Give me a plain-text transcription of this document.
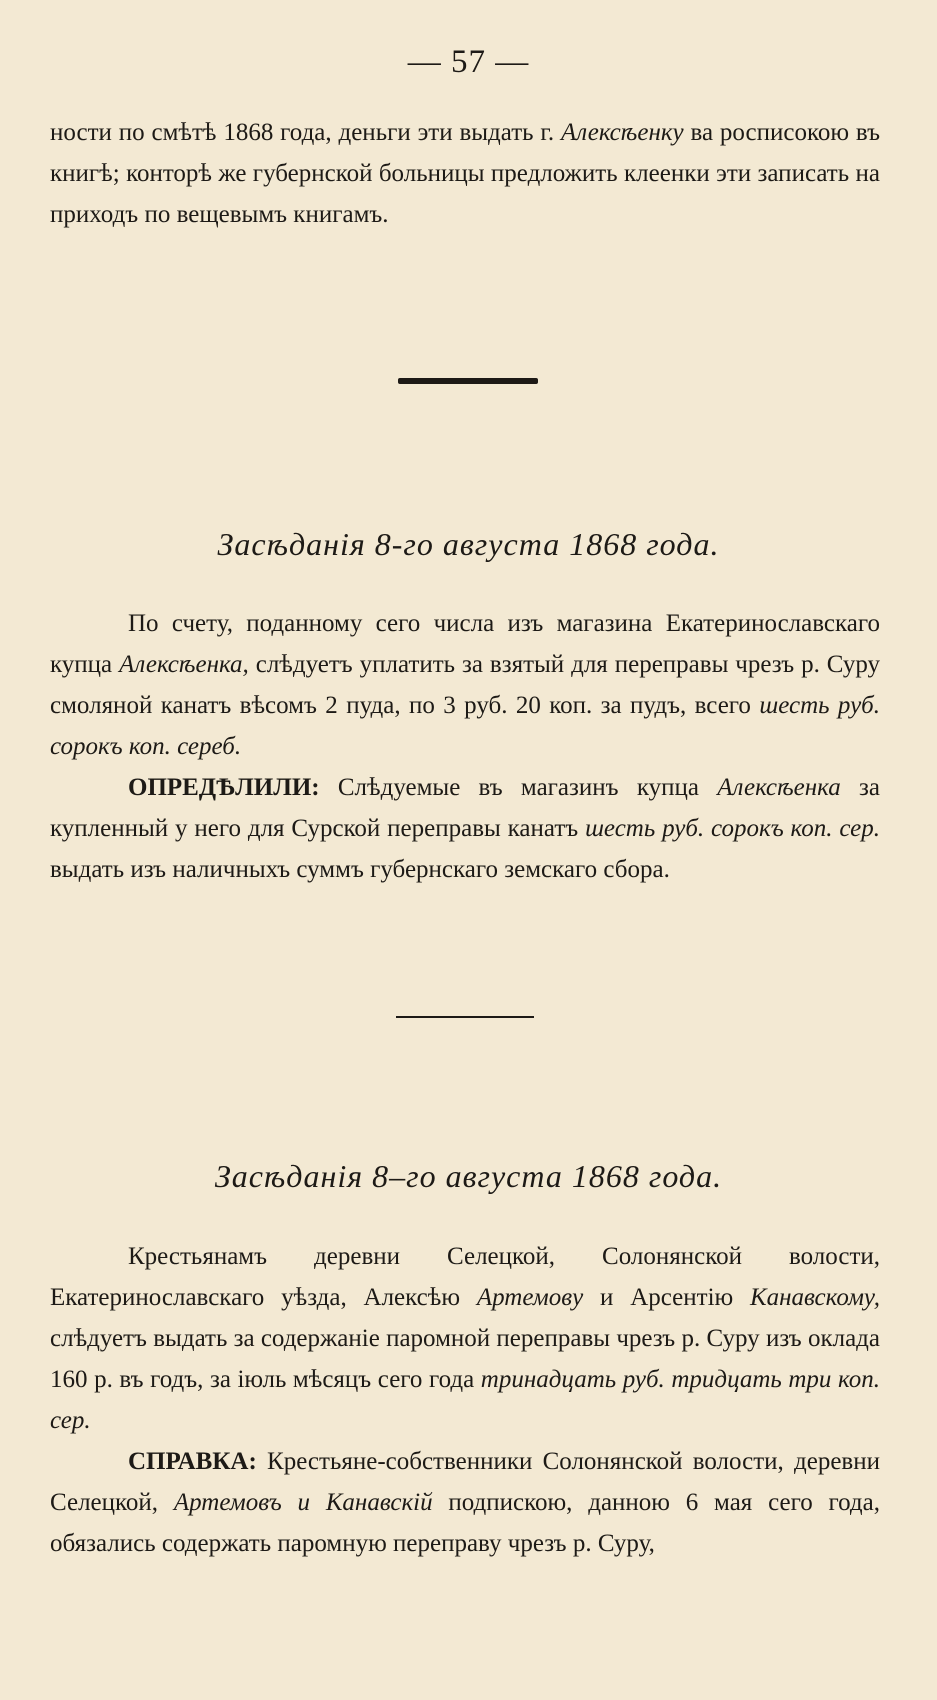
— 57 —

ности по смѣтѣ 1868 года, деньги эти выдать г. Алексѣенку ва росписокою въ книгѣ; конторѣ же губернской больницы предложить клеенки эти записать на приходъ по вещевымъ книгамъ.

Засѣданія 8-го августа 1868 года.

По счету, поданному сего числа изъ магазина Екатеринославскаго купца Алексѣенка, слѣдуетъ уплатить за взятый для переправы чрезъ р. Суру смоляной канатъ вѣсомъ 2 пуда, по 3 руб. 20 коп. за пудъ, всего шесть руб. сорокъ коп. сереб.

ОПРЕДѢЛИЛИ: Слѣдуемые въ магазинъ купца Алексѣенка за купленный у него для Сурской переправы канатъ шесть руб. сорокъ коп. сер. выдать изъ наличныхъ суммъ губернскаго земскаго сбора.

Засѣданія 8–го августа 1868 года.

Крестьянамъ деревни Селецкой, Солонянской волости, Екатеринославскаго уѣзда, Алексѣю Артемову и Арсентію Канавскому, слѣдуетъ выдать за содержаніе паромной переправы чрезъ р. Суру изъ оклада 160 р. въ годъ, за іюль мѣсяцъ сего года тринадцать руб. тридцать три коп. сер.

СПРАВКА: Крестьяне-собственники Солонянской волости, деревни Селецкой, Артемовъ и Канавскій подпискою, данною 6 мая сего года, обязались содержать паромную переправу чрезъ р. Суру,
